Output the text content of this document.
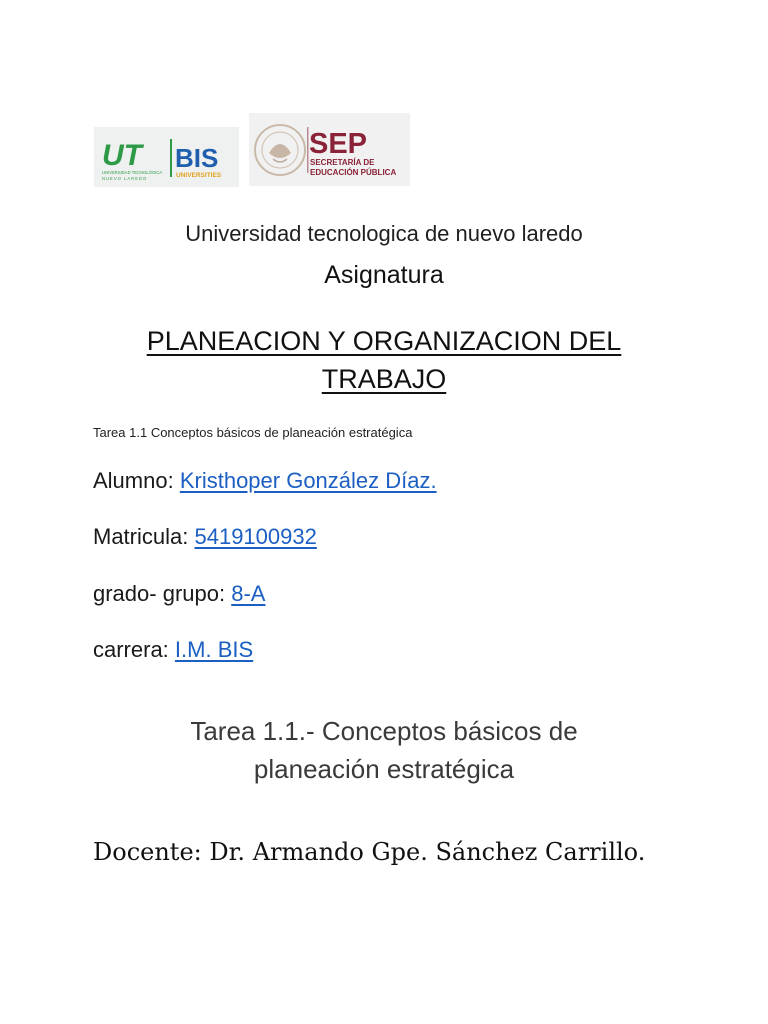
UT
UNIVERSIDAD TECNOLÓGICA
NUEVO LAREDO
BIS
UNIVERSITIES
SEP
SECRETARÍA DE
EDUCACIÓN PÚBLICA
Universidad tecnologica de nuevo laredo
Asignatura
PLANEACION Y ORGANIZACION DEL
TRABAJO
Tarea 1.1 Conceptos básicos de planeación estratégica
Alumno: Kristhoper González Díaz.
Matricula: 5419100932
grado- grupo: 8-A
carrera: I.M. BIS
Tarea 1.1.- Conceptos básicos de
planeación estratégica
Docente: Dr. Armando Gpe. Sánchez Carrillo.
